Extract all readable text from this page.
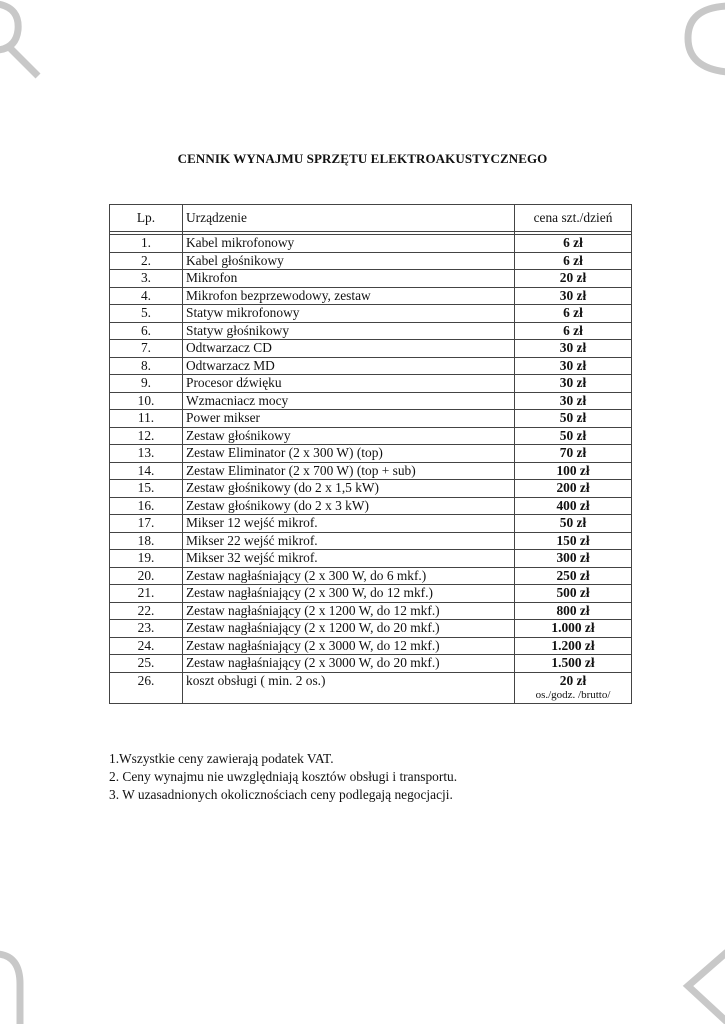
CENNIK WYNAJMU SPRZĘTU ELEKTROAKUSTYCZNEGO
Lp.	Urządzenie	cena szt./dzień

1.	Kabel mikrofonowy	6 zł
2.	Kabel głośnikowy	6 zł
3.	Mikrofon	20 zł
4.	Mikrofon bezprzewodowy, zestaw	30 zł
5.	Statyw mikrofonowy	6 zł
6.	Statyw głośnikowy	6 zł
7.	Odtwarzacz CD	30 zł
8.	Odtwarzacz MD	30 zł
9.	Procesor dźwięku	30 zł
10.	Wzmacniacz mocy	30 zł
11.	Power mikser	50 zł
12.	Zestaw głośnikowy	50 zł
13.	Zestaw Eliminator (2 x 300 W) (top)	70 zł
14.	Zestaw Eliminator (2 x 700 W) (top + sub)	100 zł
15.	Zestaw głośnikowy (do 2 x 1,5 kW)	200 zł
16.	Zestaw głośnikowy (do 2 x 3 kW)	400 zł
17.	Mikser 12 wejść mikrof.	50 zł
18.	Mikser 22 wejść mikrof.	150 zł
19.	Mikser 32 wejść mikrof.	300 zł
20.	Zestaw nagłaśniający (2 x 300 W, do 6 mkf.)	250 zł
21.	Zestaw nagłaśniający (2 x 300 W, do 12 mkf.)	500 zł
22.	Zestaw nagłaśniający (2 x 1200 W, do 12 mkf.)	800 zł
23.	Zestaw nagłaśniający (2 x 1200 W, do 20 mkf.)	1.000 zł
24.	Zestaw nagłaśniający (2 x 3000 W, do 12 mkf.)	1.200 zł
25.	Zestaw nagłaśniający (2 x 3000 W, do 20 mkf.)	1.500 zł
26.	koszt obsługi ( min. 2 os.)	20 zł
os./godz. /brutto/
1.Wszystkie ceny zawierają podatek VAT.
2. Ceny wynajmu nie uwzględniają kosztów obsługi i transportu.
3. W uzasadnionych okolicznościach ceny podlegają negocjacji.
